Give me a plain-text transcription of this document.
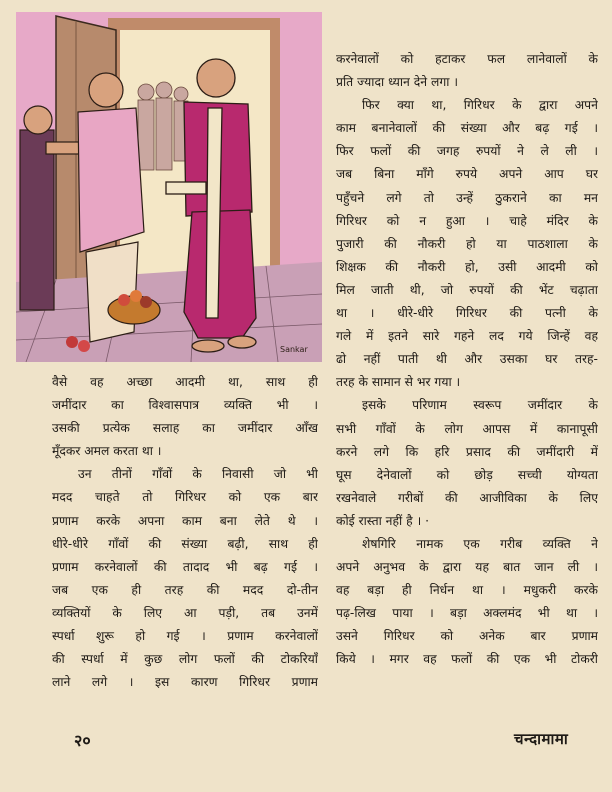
Sankar
करनेवालों को हटाकर फल लानेवालों के
प्रति ज्यादा ध्यान देने लगा ।
फिर क्या था, गिरिधर के द्वारा अपने
काम बनानेवालों की संख्या और बढ़ गई ।
फिर फलों की जगह रुपयों ने ले ली ।
जब बिना माँगे रुपये अपने आप घर
पहुँचने लगे तो उन्हें ठुकराने का मन
गिरिधर को न हुआ । चाहे मंदिर के
पुजारी की नौकरी हो या पाठशाला के
शिक्षक की नौकरी हो, उसी आदमी को
मिल जाती थी, जो रुपयों की भेंट चढ़ाता
था । धीरे-धीरे गिरिधर की पत्नी के
गले में इतने सारे गहने लद गये जिन्हें वह
ढो नहीं पाती थी और उसका घर तरह-
तरह के सामान से भर गया ।
इसके परिणाम स्वरूप जमींदार के
सभी गाँवों के लोग आपस में कानापूसी
करने लगे कि हरि प्रसाद की जमींदारी में
घूस देनेवालों को छोड़ सच्ची योग्यता
रखनेवाले गरीबों की आजीविका के लिए
कोई रास्ता नहीं है । ·
शेषगिरि नामक एक गरीब व्यक्ति ने
अपने अनुभव के द्वारा यह बात जान ली ।
वह बड़ा ही निर्धन था । मधुकरी करके
पढ़-लिख पाया । बड़ा अक्लमंद भी था ।
उसने गिरिधर को अनेक बार प्रणाम
किये । मगर वह फलों की एक भी टोकरी
वैसे वह अच्छा आदमी था, साथ ही
जमींदार का विश्वासपात्र व्यक्ति भी ।
उसकी प्रत्येक सलाह का जमींदार आँख
मूँदकर अमल करता था ।
उन तीनों गाँवों के निवासी जो भी
मदद चाहते तो गिरिधर को एक बार
प्रणाम करके अपना काम बना लेते थे ।
धीरे-धीरे गाँवों की संख्या बढ़ी, साथ ही
प्रणाम करनेवालों की तादाद भी बढ़ गई ।
जब एक ही तरह की मदद दो-तीन
व्यक्तियों के लिए आ पड़ी, तब उनमें
स्पर्धा शुरू हो गई । प्रणाम करनेवालों
की स्पर्धा में कुछ लोग फलों की टोकरियाँ
लाने लगे । इस कारण गिरिधर प्रणाम
२०	चन्दामामा
